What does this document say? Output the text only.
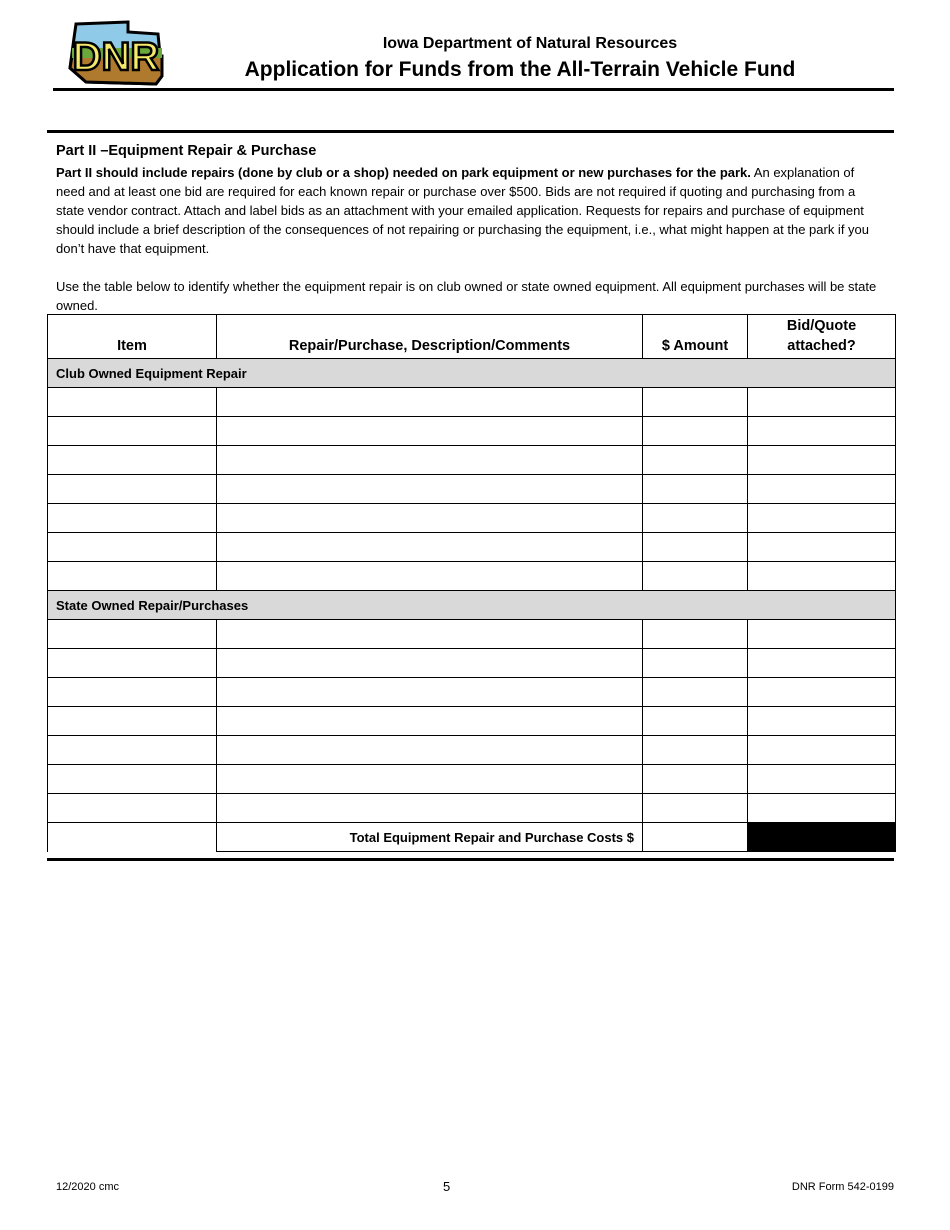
DNR	Iowa Department of Natural Resources
Application for Funds from the All-Terrain Vehicle Fund
Part II –Equipment Repair & Purchase
Part II should include repairs (done by club or a shop) needed on park equipment or new purchases for the park. An explanation of need and at least one bid are required for each known repair or purchase over $500. Bids are not required if quoting and purchasing from a state vendor contract. Attach and label bids as an attachment with your emailed application. Requests for repairs and purchase of equipment should include a brief description of the consequences of not repairing or purchasing the equipment, i.e., what might happen at the park if you don’t have that equipment.
Use the table below to identify whether the equipment repair is on club owned or state owned equipment. All equipment purchases will be state owned.
Item	Repair/Purchase, Description/Comments	$ Amount	Bid/Quote
attached?
Club Owned Equipment Repair			

State Owned Repair/Purchases			

	Total Equipment Repair and Purchase Costs $		
12/2020 cmc	5	DNR Form 542-0199
